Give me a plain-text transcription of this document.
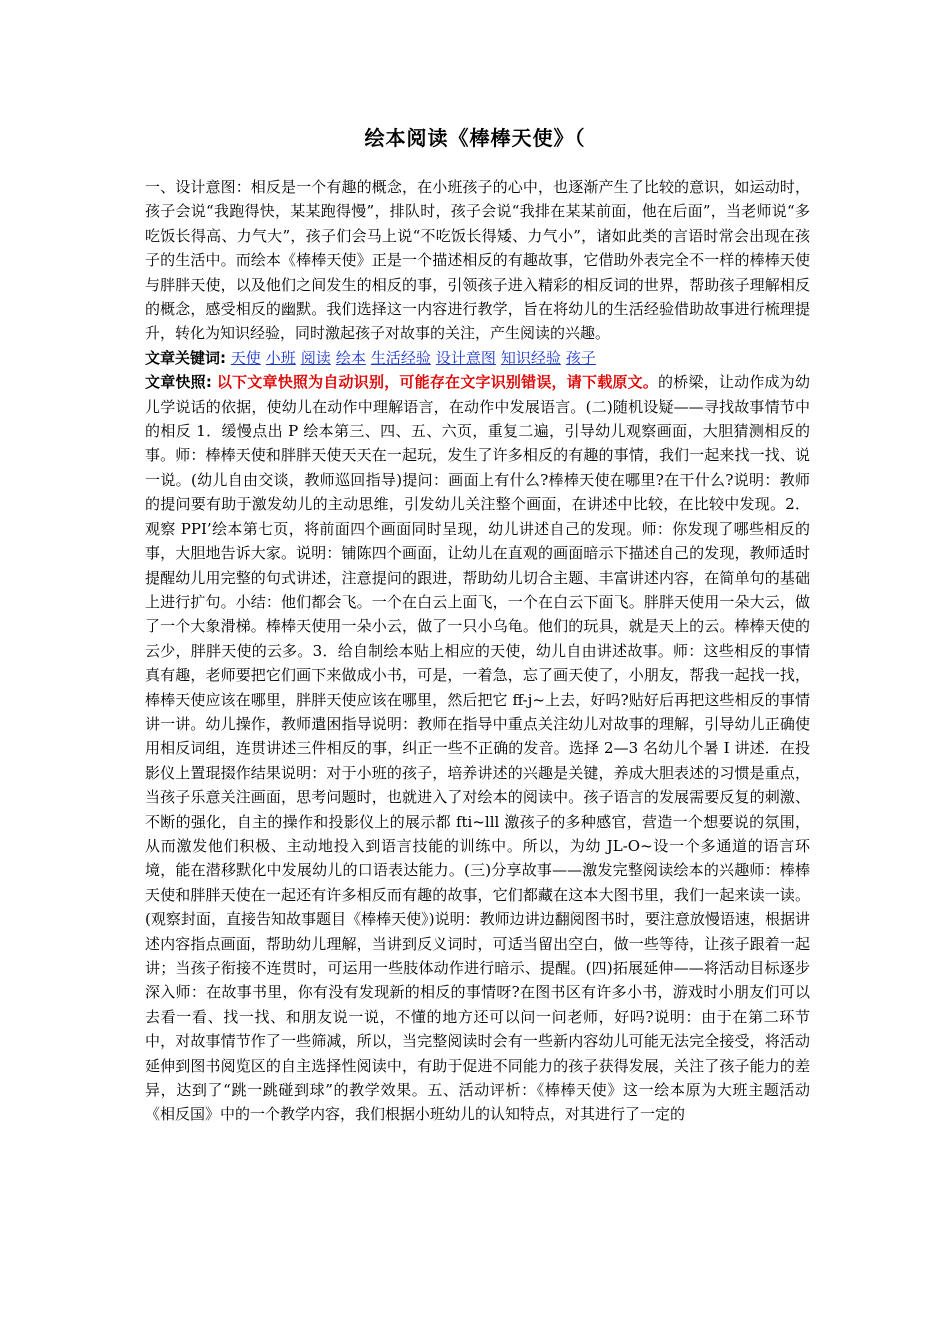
绘本阅读《棒棒天使》（

一、设计意图：相反是一个有趣的概念，在小班孩子的心中，也逐渐产生了比较的意识，如运动时，孩子会说“我跑得快，某某跑得慢”，排队时，孩子会说“我排在某某前面，他在后面”，当老师说“多吃饭长得高、力气大”，孩子们会马上说“不吃饭长得矮、力气小”，诸如此类的言语时常会出现在孩子的生活中。而绘本《棒棒天使》正是一个描述相反的有趣故事，它借助外表完全不一样的棒棒天使与胖胖天使，以及他们之间发生的相反的事，引领孩子进入精彩的相反词的世界，帮助孩子理解相反的概念，感受相反的幽默。我们选择这一内容进行教学，旨在将幼儿的生活经验借助故事进行梳理提升，转化为知识经验，同时激起孩子对故事的关注，产生阅读的兴趣。

文章关键词: 天使 小班 阅读 绘本 生活经验 设计意图 知识经验 孩子

文章快照: 以下文章快照为自动识别，可能存在文字识别错误，请下载原文。的桥梁，让动作成为幼儿学说话的依据，使幼儿在动作中理解语言，在动作中发展语言。(二)随机设疑——寻找故事情节中的相反 1．缓慢点出 P 绘本第三、四、五、六页，重复二遍，引导幼儿观察画面，大胆猜测相反的事。师：棒棒天使和胖胖天使天天在一起玩，发生了许多相反的有趣的事情，我们一起来找一找、说一说。(幼儿自由交谈，教师巡回指导)提问：画面上有什么?棒棒天使在哪里?在干什么?说明：教师的提问要有助于激发幼儿的主动思维，引发幼儿关注整个画面，在讲述中比较，在比较中发现。2．观察 PPI’绘本第七页，将前面四个画面同时呈现，幼儿讲述自己的发现。师：你发现了哪些相反的事，大胆地告诉大家。说明：铺陈四个画面，让幼儿在直观的画面暗示下描述自己的发现，教师适时提醒幼儿用完整的句式讲述，注意提问的跟进，帮助幼儿切合主题、丰富讲述内容，在简单句的基础上进行扩句。小结：他们都会飞。一个在白云上面飞，一个在白云下面飞。胖胖天使用一朵大云，做了一个大象滑梯。棒棒天使用一朵小云，做了一只小乌龟。他们的玩具，就是天上的云。棒棒天使的云少，胖胖天使的云多。3．给自制绘本贴上相应的天使，幼儿自由讲述故事。师：这些相反的事情真有趣，老师要把它们画下来做成小书，可是，一着急，忘了画天使了，小朋友，帮我一起找一找，棒棒天使应该在哪里，胖胖天使应该在哪里，然后把它 ff-j~上去，好吗?贴好后再把这些相反的事情讲一讲。幼儿操作，教师遣困指导说明：教师在指导中重点关注幼儿对故事的理解，引导幼儿正确使用相反词组，连贯讲述三件相反的事，纠正一些不正确的发音。选择 2—3 名幼儿个暑 I 讲述．在投影仪上置琨掇作结果说明：对于小班的孩子，培养讲述的兴趣是关键，养成大胆表述的习惯是重点，当孩子乐意关注画面，思考问题时，也就进入了对绘本的阅读中。孩子语言的发展需要反复的刺激、不断的强化，自主的操作和投影仪上的展示都 fti~lll 激孩子的多种感官，营造一个想要说的氛围，从而激发他们积极、主动地投入到语言技能的训练中。所以，为幼 JL-O~设一个多通道的语言环境，能在潜移默化中发展幼儿的口语表达能力。(三)分享故事——激发完整阅读绘本的兴趣师：棒棒天使和胖胖天使在一起还有许多相反而有趣的故事，它们都藏在这本大图书里，我们一起来读一读。(观察封面，直接告知故事题目《棒棒天使》)说明：教师边讲边翻阅图书时，要注意放慢语速，根据讲述内容指点画面，帮助幼儿理解，当讲到反义词时，可适当留出空白，做一些等待，让孩子跟着一起讲；当孩子衔接不连贯时，可运用一些肢体动作进行暗示、提醒。(四)拓展延伸——将活动目标逐步深入师：在故事书里，你有没有发现新的相反的事情呀?在图书区有许多小书，游戏时小朋友们可以去看一看、找一找、和朋友说一说，不懂的地方还可以问一问老师，好吗?说明：由于在第二环节中，对故事情节作了一些筛减，所以，当完整阅读时会有一些新内容幼儿可能无法完全接受，将活动延伸到图书阅览区的自主选择性阅读中，有助于促进不同能力的孩子获得发展，关注了孩子能力的差异，达到了“跳一跳碰到球”的教学效果。五、活动评析：《棒棒天使》这一绘本原为大班主题活动《相反国》中的一个教学内容，我们根据小班幼儿的认知特点，对其进行了一定的
